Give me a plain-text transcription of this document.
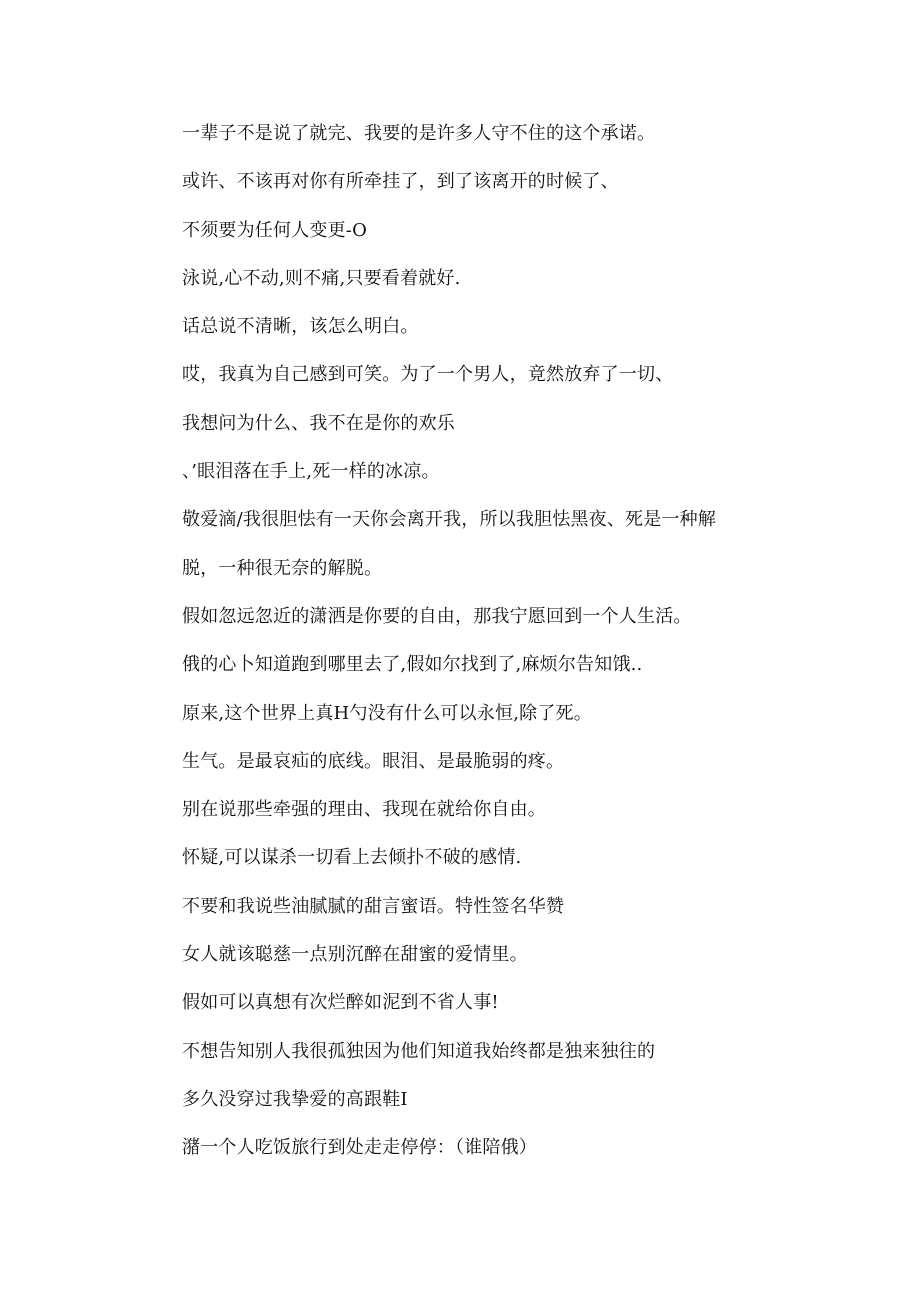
一辈子不是说了就完、我要的是许多人守不住的这个承诺。
或许、不该再对你有所牵挂了，到了该离开的时候了、
不须要为任何人变更-O
泳说,心不动,则不痛,只要看着就好.
话总说不清晰，该怎么明白。
哎，我真为自己感到可笑。为了一个男人，竟然放弃了一切、
我想问为什么、我不在是你的欢乐
、’眼泪落在手上,死一样的冰凉。
敬爱滴/我很胆怯有一天你会离开我，所以我胆怯黑夜、死是一种解
脱，一种很无奈的解脱。
假如忽远忽近的潇洒是你要的自由，那我宁愿回到一个人生活。
俄的心卜知道跑到哪里去了,假如尔找到了,麻烦尔告知饿..
原来,这个世界上真H勺没有什么可以永恒,除了死。
生气。是最哀疝的底线。眼泪、是最脆弱的疼。
别在说那些牵强的理由、我现在就给你自由。
怀疑,可以谋杀一切看上去倾扑不破的感情.
不要和我说些油腻腻的甜言蜜语。特性签名华赞
女人就该聪慈一点别沉醉在甜蜜的爱情里。
假如可以真想有次烂醉如泥到不省人事!
不想告知别人我很孤独因为他们知道我始终都是独来独往的
多久没穿过我挚爱的高跟鞋I
潴一个人吃饭旅行到处走走停停：（谁陪俄）
